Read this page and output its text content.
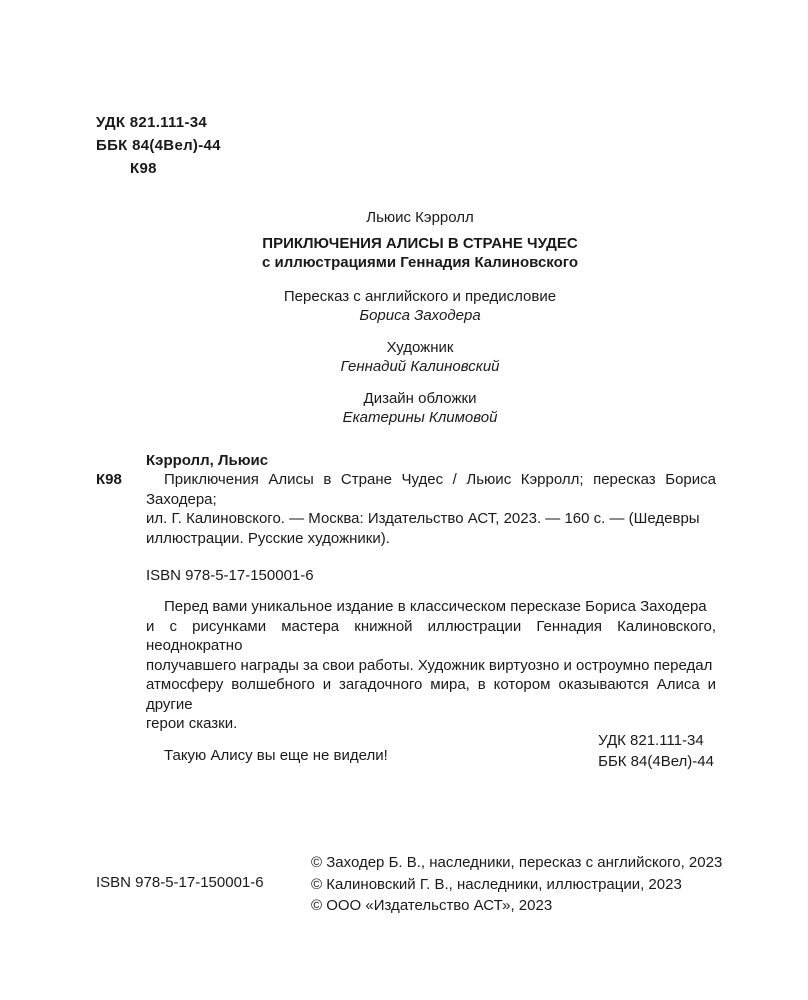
УДК 821.111-34
ББК 84(4Вел)-44
К98
Льюис Кэрролл
ПРИКЛЮЧЕНИЯ АЛИСЫ В СТРАНЕ ЧУДЕС
с иллюстрациями Геннадия Калиновского
Пересказ с английского и предисловие
Бориса Заходера
Художник
Геннадий Калиновский
Дизайн обложки
Екатерины Климовой
К98
Кэрролл, Льюис
Приключения Алисы в Стране Чудес / Льюис Кэрролл; пересказ Бориса Заходера;
ил. Г. Калиновского. — Москва: Издательство АСТ, 2023. — 160 с. — (Шедевры
иллюстрации. Русские художники).
ISBN 978-5-17-150001-6
Перед вами уникальное издание в классическом пересказе Бориса Заходера
и с рисунками мастера книжной иллюстрации Геннадия Калиновского, неоднократно
получавшего награды за свои работы. Художник виртуозно и остроумно передал
атмосферу волшебного и загадочного мира, в котором оказываются Алиса и другие
герои сказки.
Такую Алису вы еще не видели!
УДК 821.111-34
ББК 84(4Вел)-44
ISBN 978-5-17-150001-6
© Заходер Б. В., наследники, пересказ с английского, 2023
© Калиновский Г. В., наследники, иллюстрации, 2023
© ООО «Издательство АСТ», 2023
